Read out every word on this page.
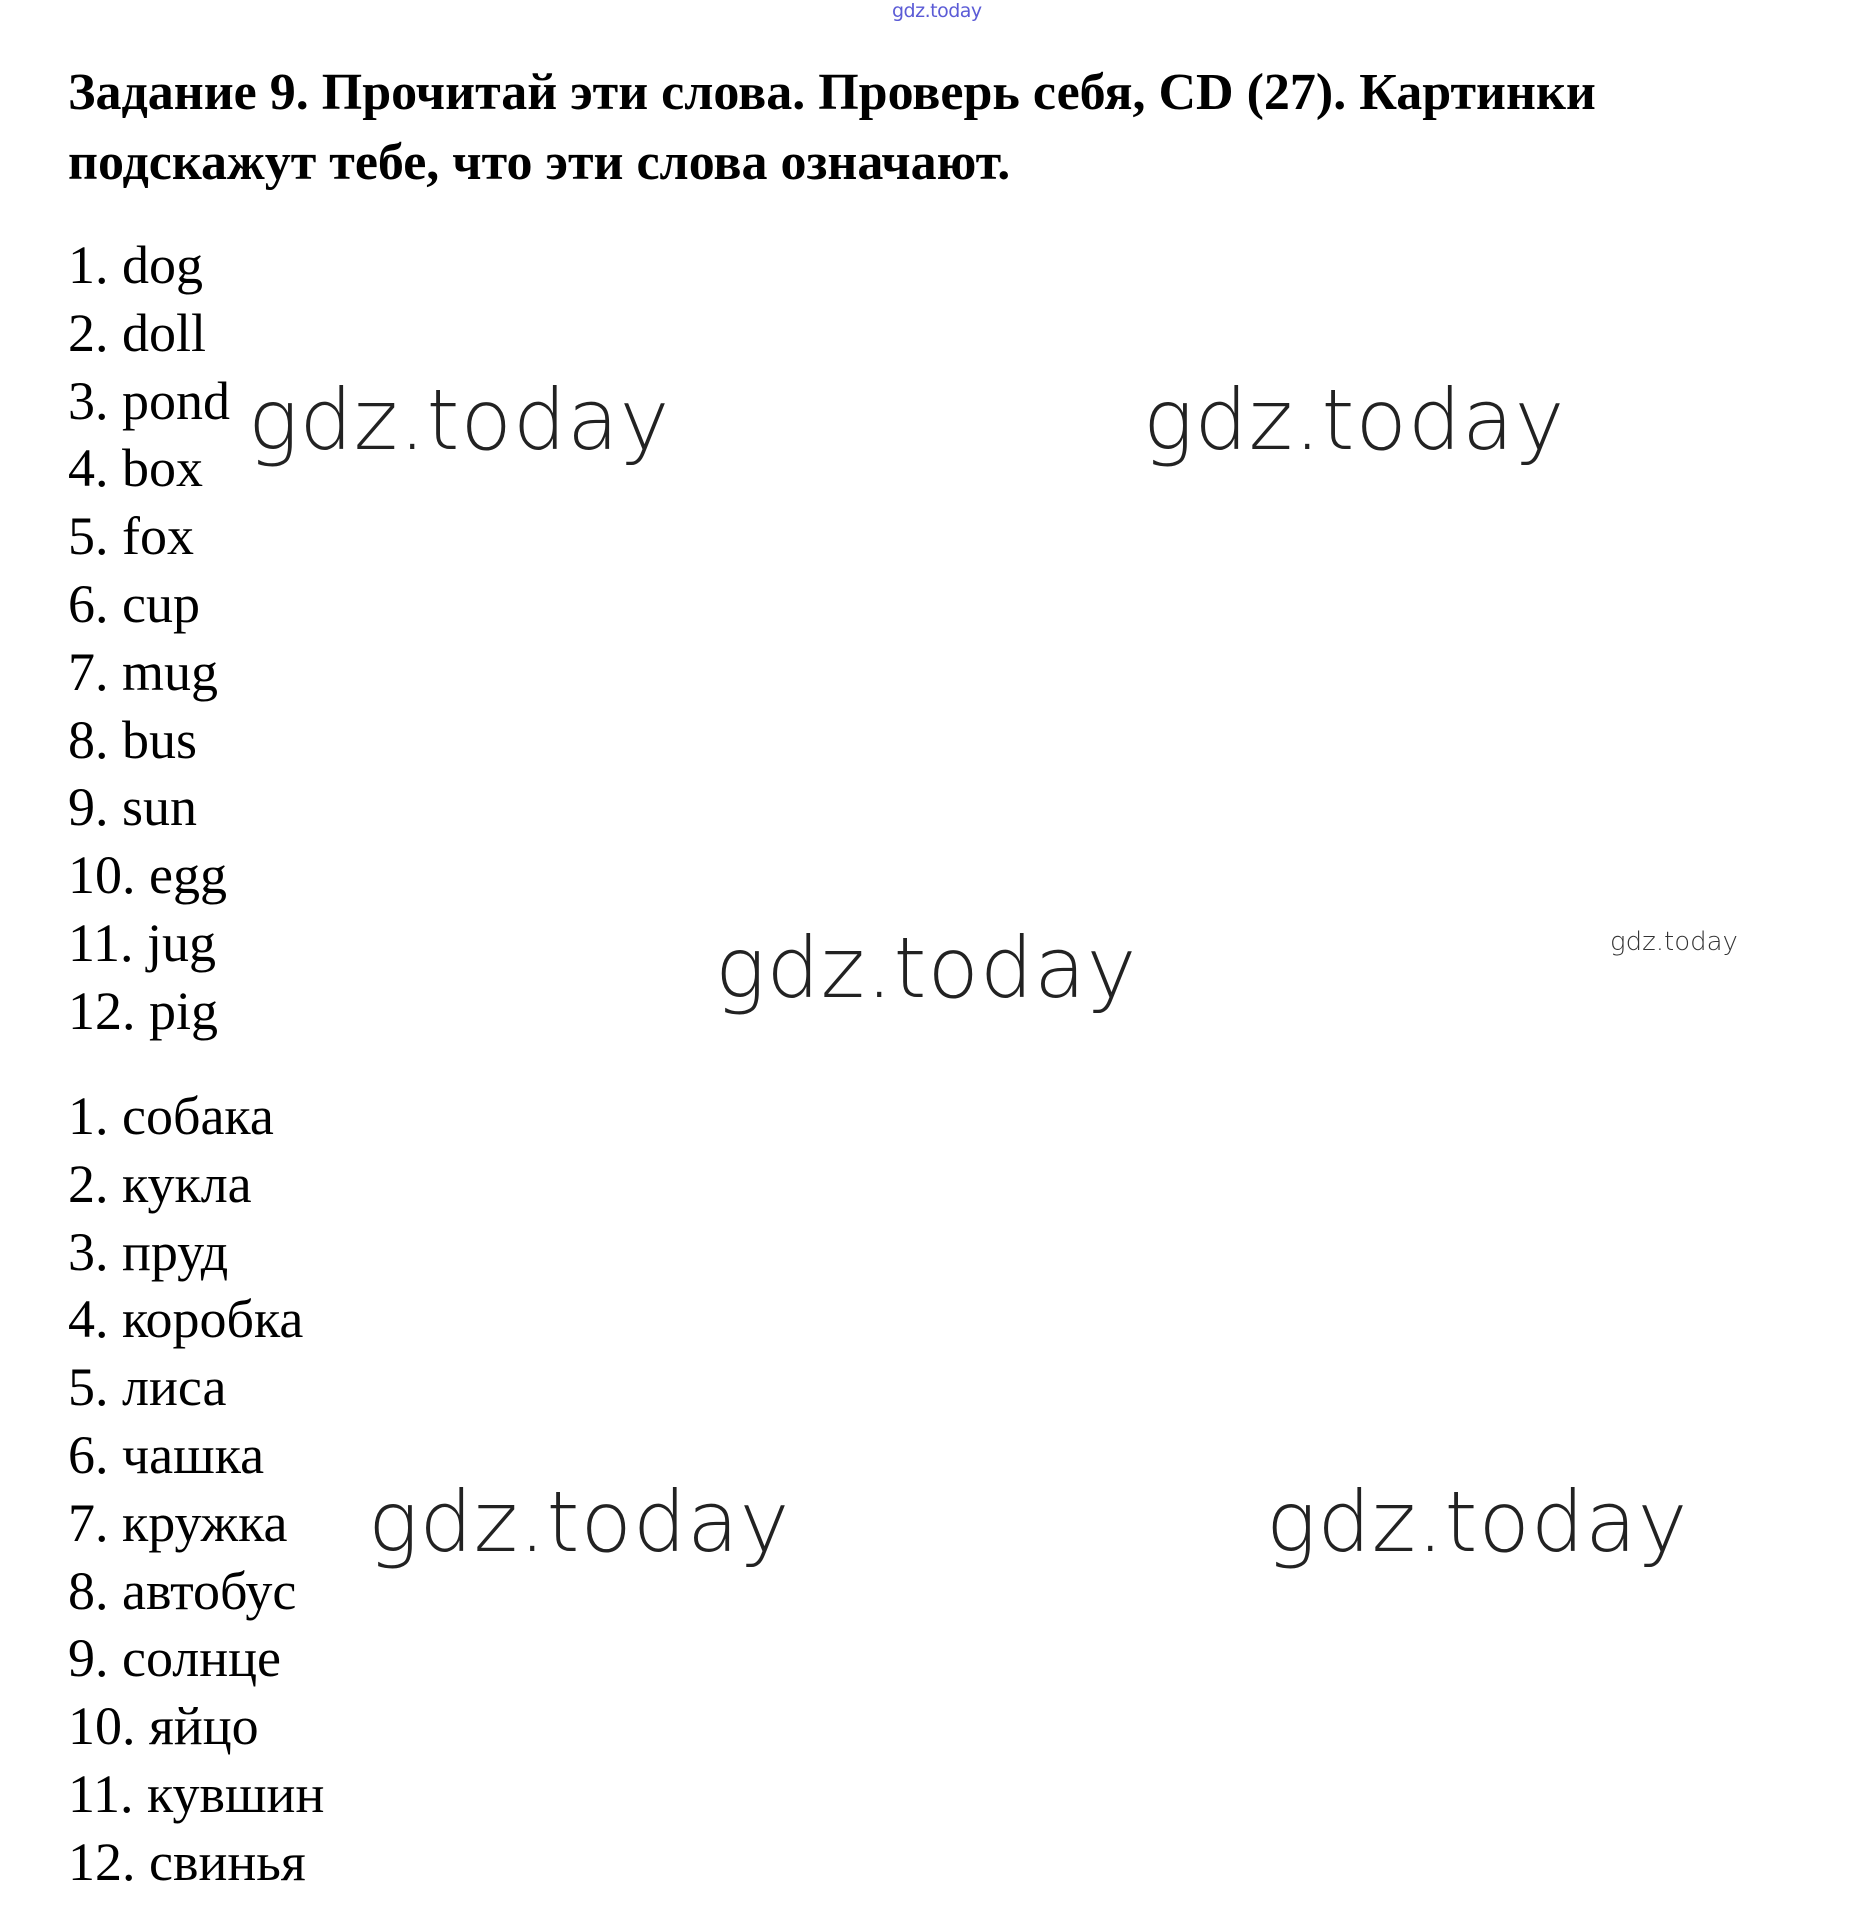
gdz.today
Задание 9. Прочитай эти слова. Проверь себя, CD (27). Картинки подскажут тебе, что эти слова означают.
1. dog
2. doll
3. pond
4. box
5. fox
6. cup
7. mug
8. bus
9. sun
10. egg
11. jug
12. pig
1. собака
2. кукла
3. пруд
4. коробка
5. лиса
6. чашка
7. кружка
8. автобус
9. солнце
10. яйцо
11. кувшин
12. свинья
gdz.today	gdz.today
gdz.today	gdz.today
gdz.today	gdz.today
